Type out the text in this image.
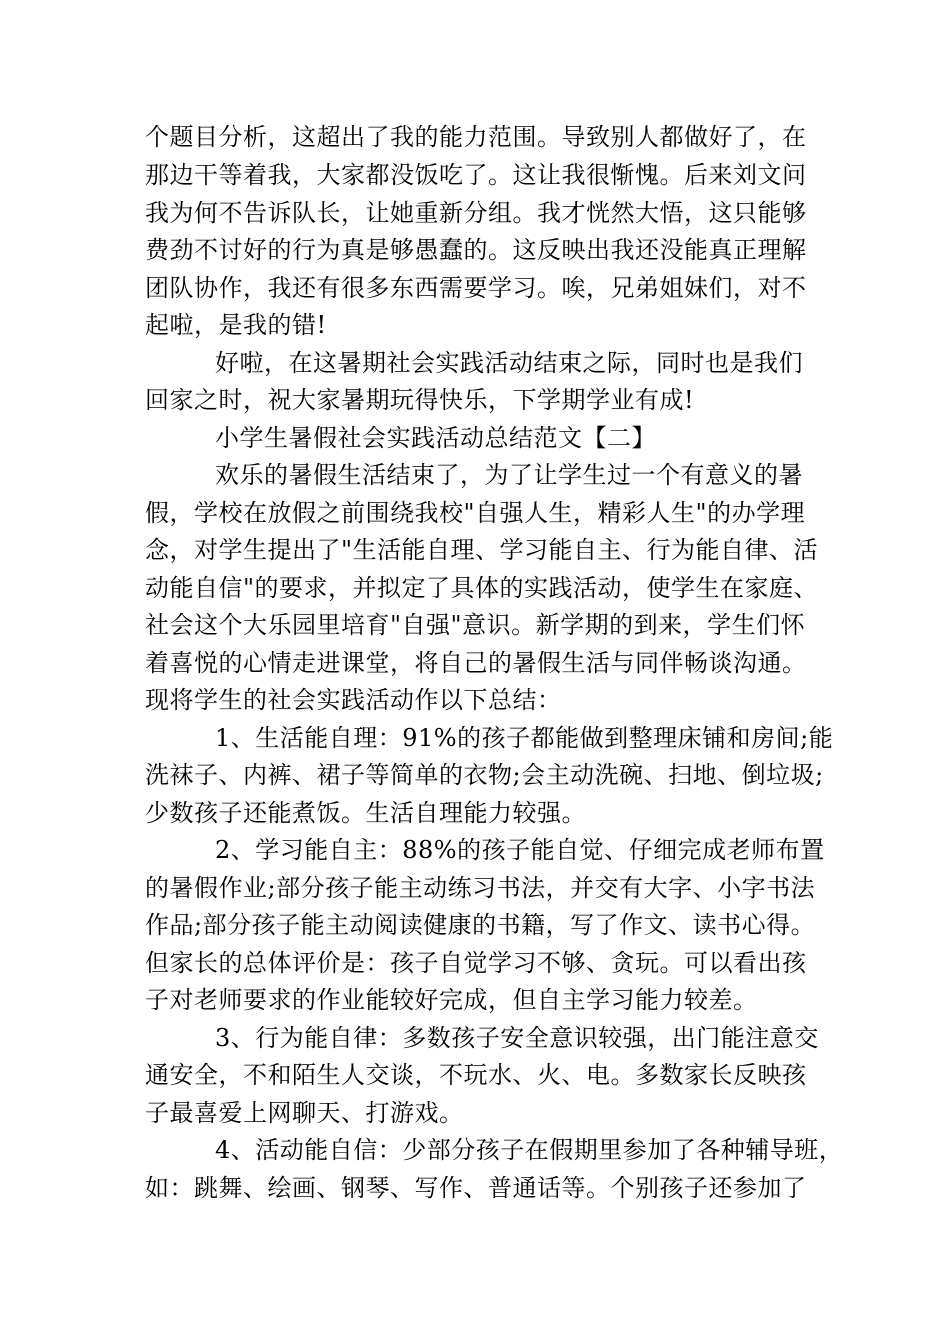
个题目分析，这超出了我的能力范围。导致别人都做好了，在
那边干等着我，大家都没饭吃了。这让我很惭愧。后来刘文问
我为何不告诉队长，让她重新分组。我才恍然大悟，这只能够
费劲不讨好的行为真是够愚蠢的。这反映出我还没能真正理解
团队协作，我还有很多东西需要学习。唉，兄弟姐妹们，对不
起啦，是我的错!
好啦，在这暑期社会实践活动结束之际，同时也是我们
回家之时，祝大家暑期玩得快乐，下学期学业有成!
小学生暑假社会实践活动总结范文【二】
欢乐的暑假生活结束了，为了让学生过一个有意义的暑
假，学校在放假之前围绕我校"自强人生，精彩人生"的办学理
念，对学生提出了"生活能自理、学习能自主、行为能自律、活
动能自信"的要求，并拟定了具体的实践活动，使学生在家庭、
社会这个大乐园里培育"自强"意识。新学期的到来，学生们怀
着喜悦的心情走进课堂，将自己的暑假生活与同伴畅谈沟通。
现将学生的社会实践活动作以下总结：
1、生活能自理：91%的孩子都能做到整理床铺和房间;能
洗袜子、内裤、裙子等简单的衣物;会主动洗碗、扫地、倒垃圾;
少数孩子还能煮饭。生活自理能力较强。
2、学习能自主：88%的孩子能自觉、仔细完成老师布置
的暑假作业;部分孩子能主动练习书法，并交有大字、小字书法
作品;部分孩子能主动阅读健康的书籍，写了作文、读书心得。
但家长的总体评价是：孩子自觉学习不够、贪玩。可以看出孩
子对老师要求的作业能较好完成，但自主学习能力较差。
3、行为能自律：多数孩子安全意识较强，出门能注意交
通安全，不和陌生人交谈，不玩水、火、电。多数家长反映孩
子最喜爱上网聊天、打游戏。
4、活动能自信：少部分孩子在假期里参加了各种辅导班，
如：跳舞、绘画、钢琴、写作、普通话等。个别孩子还参加了
